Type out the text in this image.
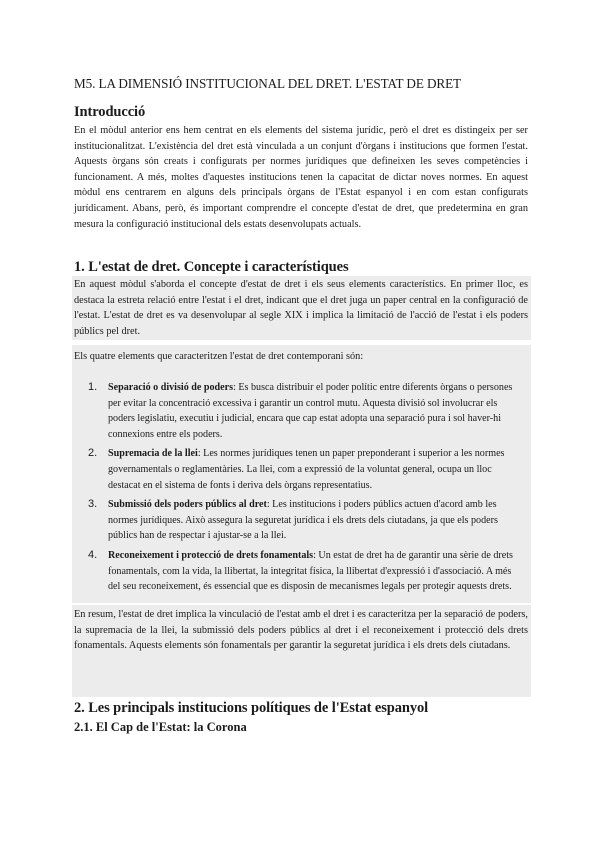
M5. LA DIMENSIÓ INSTITUCIONAL DEL DRET. L'ESTAT DE DRET
Introducció

En el mòdul anterior ens hem centrat en els elements del sistema jurídic, però el dret es distingeix per ser institucionalitzat. L'existència del dret està vinculada a un conjunt d'òrgans i institucions que formen l'estat. Aquests òrgans són creats i configurats per normes jurídiques que defineixen les seves competències i funcionament. A més, moltes d'aquestes institucions tenen la capacitat de dictar noves normes. En aquest mòdul ens centrarem en alguns dels principals òrgans de l'Estat espanyol i en com estan configurats jurídicament. Abans, però, és important comprendre el concepte d'estat de dret, que predetermina en gran mesura la configuració institucional dels estats desenvolupats actuals.

1. L'estat de dret. Concepte i característiques

En aquest mòdul s'aborda el concepte d'estat de dret i els seus elements característics. En primer lloc, es destaca la estreta relació entre l'estat i el dret, indicant que el dret juga un paper central en la configuració de l'estat. L'estat de dret es va desenvolupar al segle XIX i implica la limitació de l'acció de l'estat i els poders públics pel dret.

Els quatre elements que caracteritzen l'estat de dret contemporani són:

1. Separació o divisió de poders: Es busca distribuir el poder polític entre diferents òrgans o persones per evitar la concentració excessiva i garantir un control mutu. Aquesta divisió sol involucrar els poders legislatiu, executiu i judicial, encara que cap estat adopta una separació pura i sol haver-hi connexions entre els poders.
2. Supremacia de la llei: Les normes jurídiques tenen un paper preponderant i superior a les normes governamentals o reglamentàries. La llei, com a expressió de la voluntat general, ocupa un lloc destacat en el sistema de fonts i deriva dels òrgans representatius.
3. Submissió dels poders públics al dret: Les institucions i poders públics actuen d'acord amb les normes jurídiques. Això assegura la seguretat jurídica i els drets dels ciutadans, ja que els poders públics han de respectar i ajustar-se a la llei.
4. Reconeixement i protecció de drets fonamentals: Un estat de dret ha de garantir una sèrie de drets fonamentals, com la vida, la llibertat, la integritat física, la llibertat d'expressió i d'associació. A més del seu reconeixement, és essencial que es disposin de mecanismes legals per protegir aquests drets.

En resum, l'estat de dret implica la vinculació de l'estat amb el dret i es caracteritza per la separació de poders, la supremacia de la llei, la submissió dels poders públics al dret i el reconeixement i protecció dels drets fonamentals. Aquests elements són fonamentals per garantir la seguretat jurídica i els drets dels ciutadans.

2. Les principals institucions polítiques de l'Estat espanyol
2.1. El Cap de l'Estat: la Corona
